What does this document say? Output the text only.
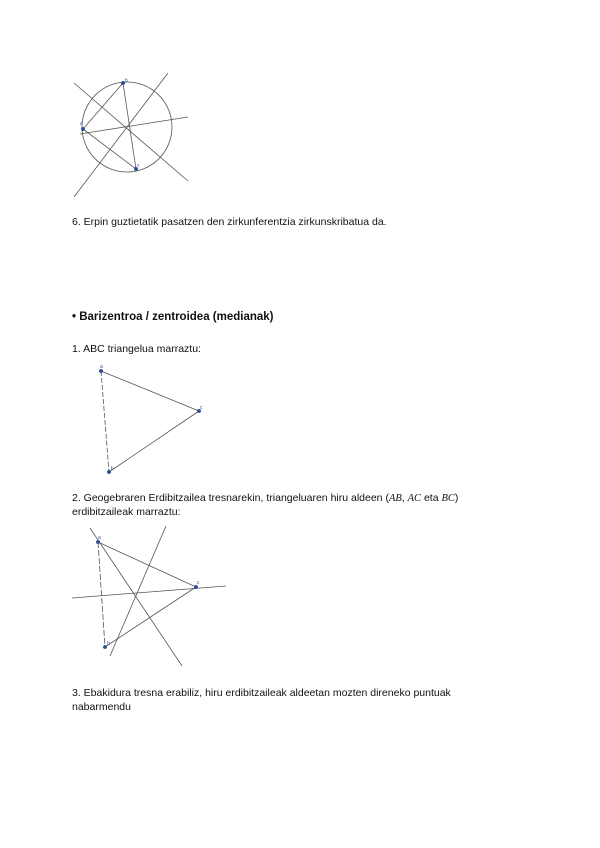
b
a
c
6. Erpin guztietatik pasatzen den zirkunferentzia zirkunskribatua da.
• Barizentroa / zentroidea (medianak)
1. ABC triangelua marraztu:
a
b
c
2. Geogebraren Erdibitzailea tresnarekin, triangeluaren hiru aldeen (AB, AC eta BC)
erdibitzaileak marraztu:
a
b
c
3. Ebakidura tresna erabiliz, hiru erdibitzaileak aldeetan mozten direneko puntuak
nabarmendu
